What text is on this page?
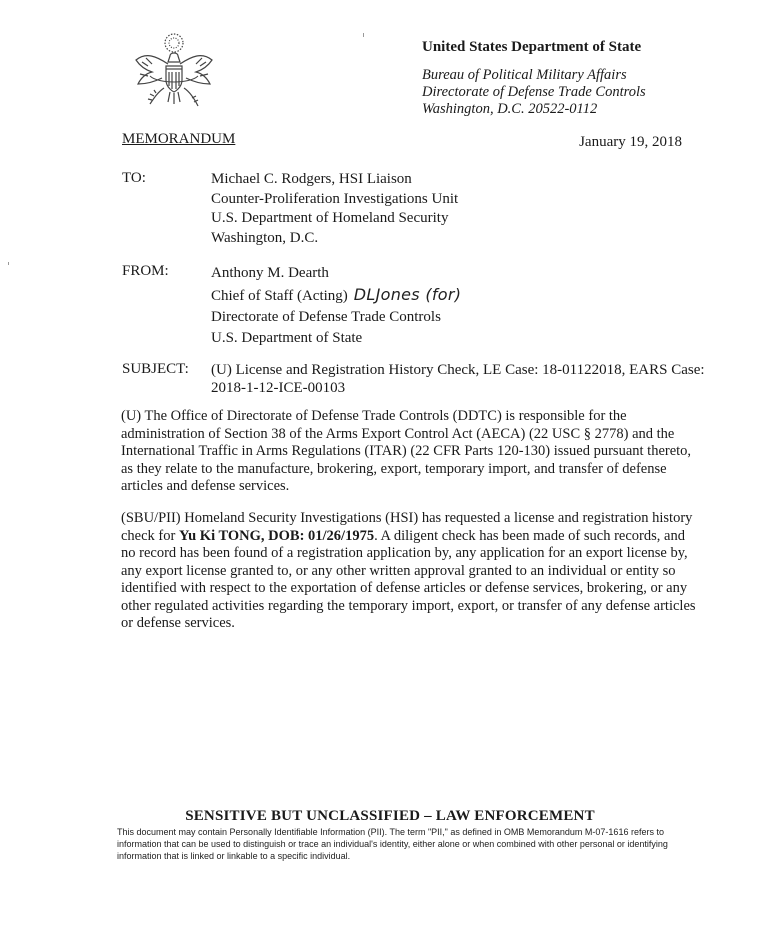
United States Department of State
Bureau of Political Military Affairs
Directorate of Defense Trade Controls
Washington, D.C. 20522-0112
MEMORANDUM	January 19, 2018
TO:	Michael C. Rodgers, HSI Liaison
Counter-Proliferation Investigations Unit
U.S. Department of Homeland Security
Washington, D.C.
FROM:	Anthony M. Dearth
Chief of Staff (Acting) DLJones (for)
Directorate of Defense Trade Controls
U.S. Department of State
SUBJECT: (U) License and Registration History Check, LE Case: 18-01122018, EARS Case: 2018-1-12-ICE-00103
(U) The Office of Directorate of Defense Trade Controls (DDTC) is responsible for the administration of Section 38 of the Arms Export Control Act (AECA) (22 USC § 2778) and the International Traffic in Arms Regulations (ITAR) (22 CFR Parts 120-130) issued pursuant thereto, as they relate to the manufacture, brokering, export, temporary import, and transfer of defense articles and defense services.
(SBU/PII) Homeland Security Investigations (HSI) has requested a license and registration history check for Yu Ki TONG, DOB: 01/26/1975. A diligent check has been made of such records, and no record has been found of a registration application by, any application for an export license by, any export license granted to, or any other written approval granted to an individual or entity so identified with respect to the exportation of defense articles or defense services, brokering, or any other regulated activities regarding the temporary import, export, or transfer of any defense articles or defense services.
SENSITIVE BUT UNCLASSIFIED – LAW ENFORCEMENT
This document may contain Personally Identifiable Information (PII). The term "PII," as defined in OMB Memorandum M-07-1616 refers to information that can be used to distinguish or trace an individual's identity, either alone or when combined with other personal or identifying information that is linked or linkable to a specific individual.
